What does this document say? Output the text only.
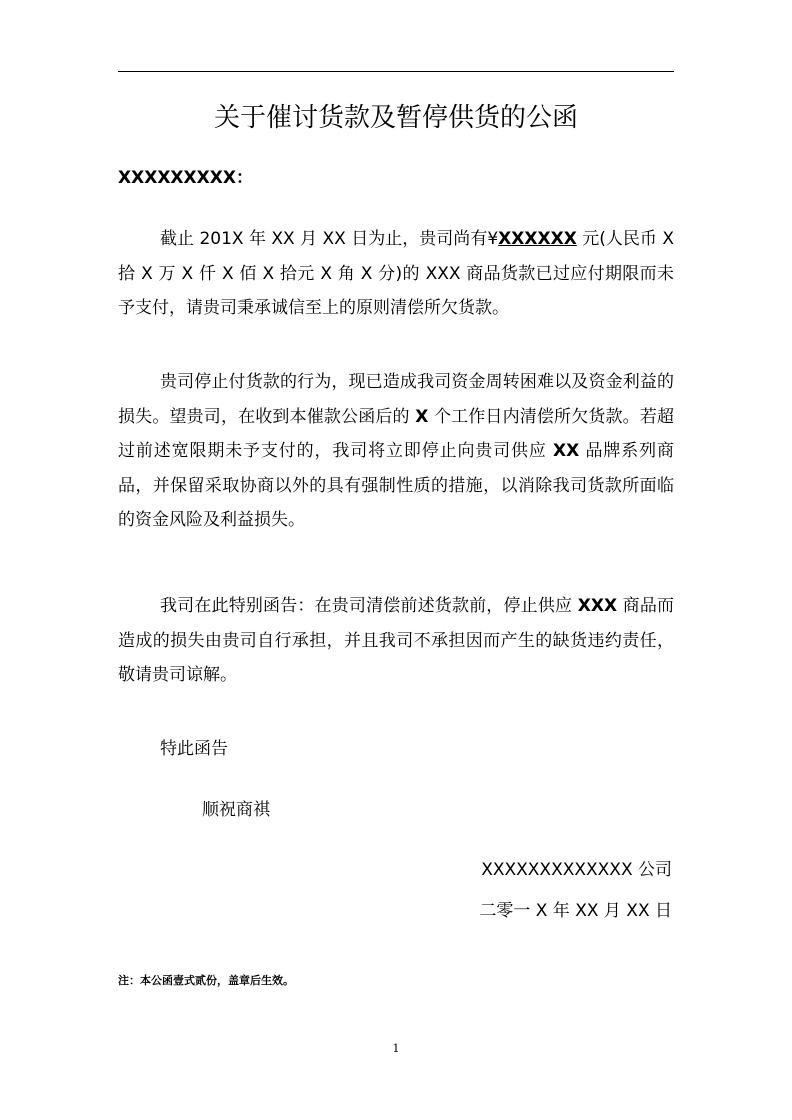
关于催讨货款及暂停供货的公函
XXXXXXXXX：

截止 201X 年 XX 月 XX 日为止，贵司尚有¥XXXXXX 元(人民币 X 拾 X 万 X 仟 X 佰 X 拾元 X 角 X 分)的 XXX 商品货款已过应付期限而未予支付，请贵司秉承诚信至上的原则清偿所欠货款。

贵司停止付货款的行为，现已造成我司资金周转困难以及资金利益的损失。望贵司，在收到本催款公函后的 X 个工作日内清偿所欠货款。若超过前述宽限期未予支付的，我司将立即停止向贵司供应 XX 品牌系列商品，并保留采取协商以外的具有强制性质的措施，以消除我司货款所面临的资金风险及利益损失。

我司在此特别函告：在贵司清偿前述货款前，停止供应 XXX 商品而造成的损失由贵司自行承担，并且我司不承担因而产生的缺货违约责任，敬请贵司谅解。

特此函告
顺祝商祺
XXXXXXXXXXXXX 公司
二零一 X 年 XX 月 XX 日
注：本公函壹式贰份，盖章后生效。
1
